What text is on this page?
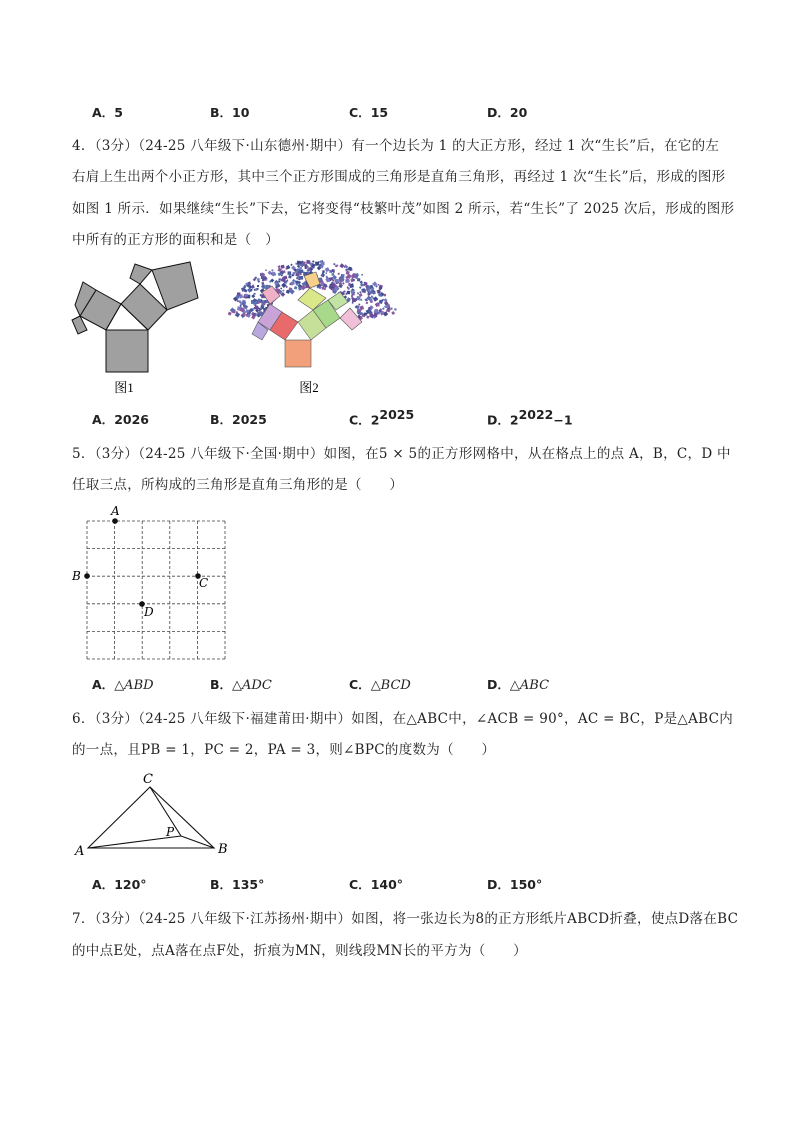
A．5	B．10	C．15	D．20
4．（3分）（24-25 八年级下·山东德州·期中）有一个边长为 1 的大正方形，经过 1 次“生长”后，在它的左
右肩上生出两个小正方形，其中三个正方形围成的三角形是直角三角形，再经过 1 次“生长”后，形成的图形
如图 1 所示．如果继续“生长”下去，它将变得“枝繁叶茂”如图 2 所示，若“生长”了 2025 次后，形成的图形
中所有的正方形的面积和是（　）
图1	图2
A．2026	B．2025	C．$2^{2025}$	D．$2^{2022}-1$
5．（3分）（24-25 八年级下·全国·期中）如图，在5 × 5的正方形网格中，从在格点上的点 A，B，C，D 中
任取三点，所构成的三角形是直角三角形的是（　　）
A
B	C
D
A．△ABD	B．△ADC	C．△BCD	D．△ABC
6．（3分）（24-25 八年级下·福建莆田·期中）如图，在△ABC中，∠ACB = 90°，AC = BC，P是△ABC内
的一点，且PB = 1，PC = 2，PA = 3，则∠BPC的度数为（　　）
C
A	B
P
A．120°	B．135°	C．140°	D．150°
7．（3分）（24-25 八年级下·江苏扬州·期中）如图，将一张边长为8的正方形纸片ABCD折叠，使点D落在BC
的中点E处，点A落在点F处，折痕为MN，则线段MN长的平方为（　　）
